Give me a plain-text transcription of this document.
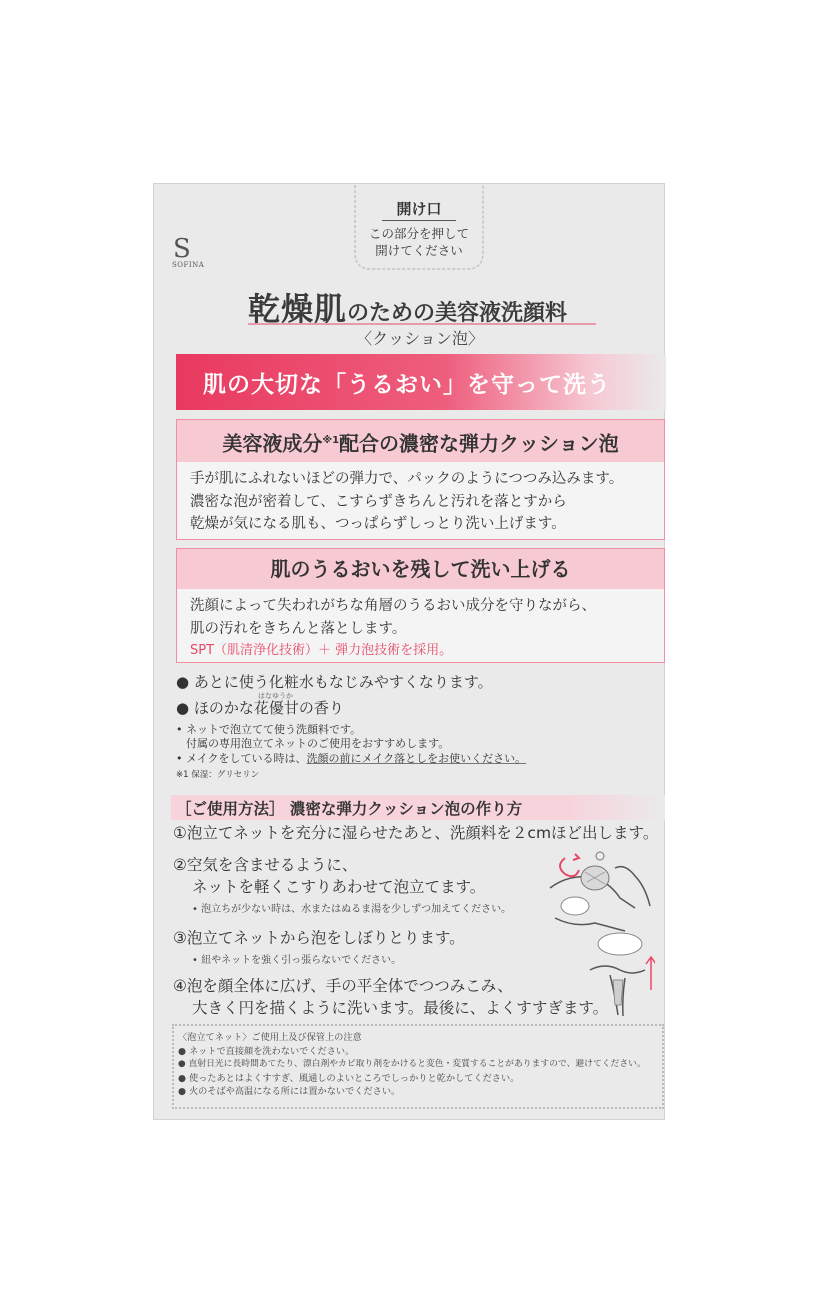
開け口
この部分を押して
開けてください
S
SOFINA
乾燥肌のための美容液洗顔料
〈クッション泡〉
肌の大切な「うるおい」を守って洗う
美容液成分$^{※1}$配合の濃密な弾力クッション泡
手が肌にふれないほどの弾力で、パックのようにつつみ込みます。
濃密な泡が密着して、こすらずきちんと汚れを落とすから
乾燥が気になる肌も、つっぱらずしっとり洗い上げます。
肌のうるおいを残して洗い上げる
洗顔によって失われがちな角層のうるおい成分を守りながら、
肌の汚れをきちんと落とします。
SPT（肌清浄化技術）＋ 弾力泡技術を採用。
● あとに使う化粧水もなじみやすくなります。
はなゆうか
● ほのかな花優甘の香り
• ネットで泡立てて使う洗顔料です。
付属の専用泡立てネットのご使用をおすすめします。
• メイクをしている時は、洗顔の前にメイク落としをお使いください。
※1 保湿：グリセリン
［ご使用方法］ 濃密な弾力クッション泡の作り方
①泡立てネットを充分に湿らせたあと、洗顔料を２cmほど出します。
②空気を含ませるように、
ネットを軽くこすりあわせて泡立てます。
• 泡立ちが少ない時は、水またはぬるま湯を少しずつ加えてください。
③泡立てネットから泡をしぼりとります。
• 紐やネットを強く引っ張らないでください。
④泡を顔全体に広げ、手の平全体でつつみこみ、
大きく円を描くように洗います。最後に、よくすすぎます。
〈泡立てネット〉ご使用上及び保管上の注意
● ネットで直接顔を洗わないでください。
● 直射日光に長時間あてたり、漂白剤やカビ取り剤をかけると変色・変質することがありますので、避けてください。
● 使ったあとはよくすすぎ、風通しのよいところでしっかりと乾かしてください。
● 火のそばや高温になる所には置かないでください。
